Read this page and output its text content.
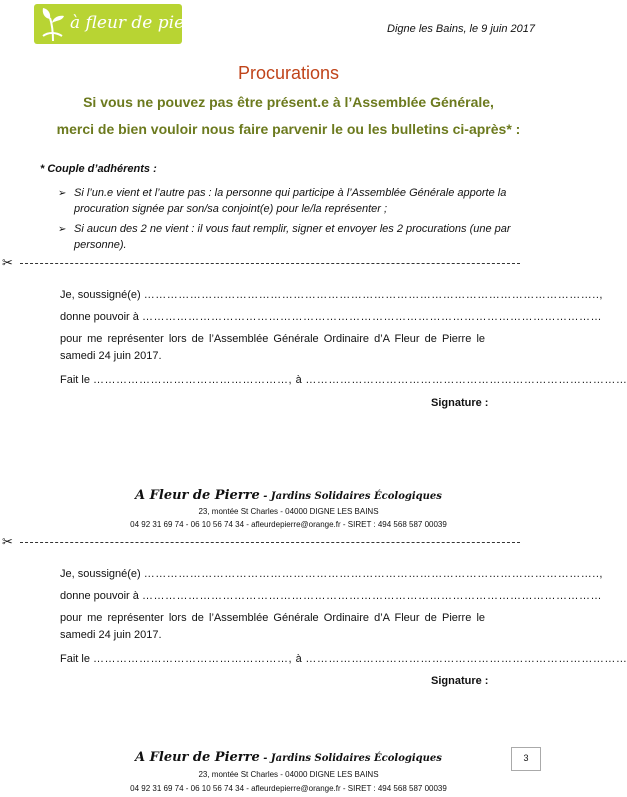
à fleur de pierre	Digne les Bains, le 9 juin 2017
Procurations
Si vous ne pouvez pas être présent.e à l’Assemblée Générale,
merci de bien vouloir nous faire parvenir le ou les bulletins ci-après* :
* Couple d’adhérents :
➢ Si l’un.e vient et l’autre pas : la personne qui participe à l’Assemblée Générale apporte la procuration signée par son/sa conjoint(e) pour le/la représenter ;
➢ Si aucun des 2 ne vient : il vous faut remplir, signer et envoyer les 2 procurations (une par personne).
✂
Je, soussigné(e) ………………………………………………………………………………………………………..,
donne pouvoir à …………………………………………………………………………………………………………
pour me représenter lors de l’Assemblée Générale Ordinaire d’A Fleur de Pierre le samedi 24 juin 2017.
Fait le ……………………………………………, à …………………………………………………………………………
Signature :
A Fleur de Pierre - Jardins Solidaires Écologiques
23, montée St Charles - 04000 DIGNE LES BAINS
04 92 31 69 74 - 06 10 56 74 34 - afleurdepierre@orange.fr - SIRET : 494 568 587 00039
✂
Je, soussigné(e) ………………………………………………………………………………………………………..,
donne pouvoir à …………………………………………………………………………………………………………
pour me représenter lors de l’Assemblée Générale Ordinaire d’A Fleur de Pierre le samedi 24 juin 2017.
Fait le ……………………………………………, à …………………………………………………………………………
Signature :
A Fleur de Pierre - Jardins Solidaires Écologiques
23, montée St Charles - 04000 DIGNE LES BAINS
04 92 31 69 74 - 06 10 56 74 34 - afleurdepierre@orange.fr - SIRET : 494 568 587 00039
3
